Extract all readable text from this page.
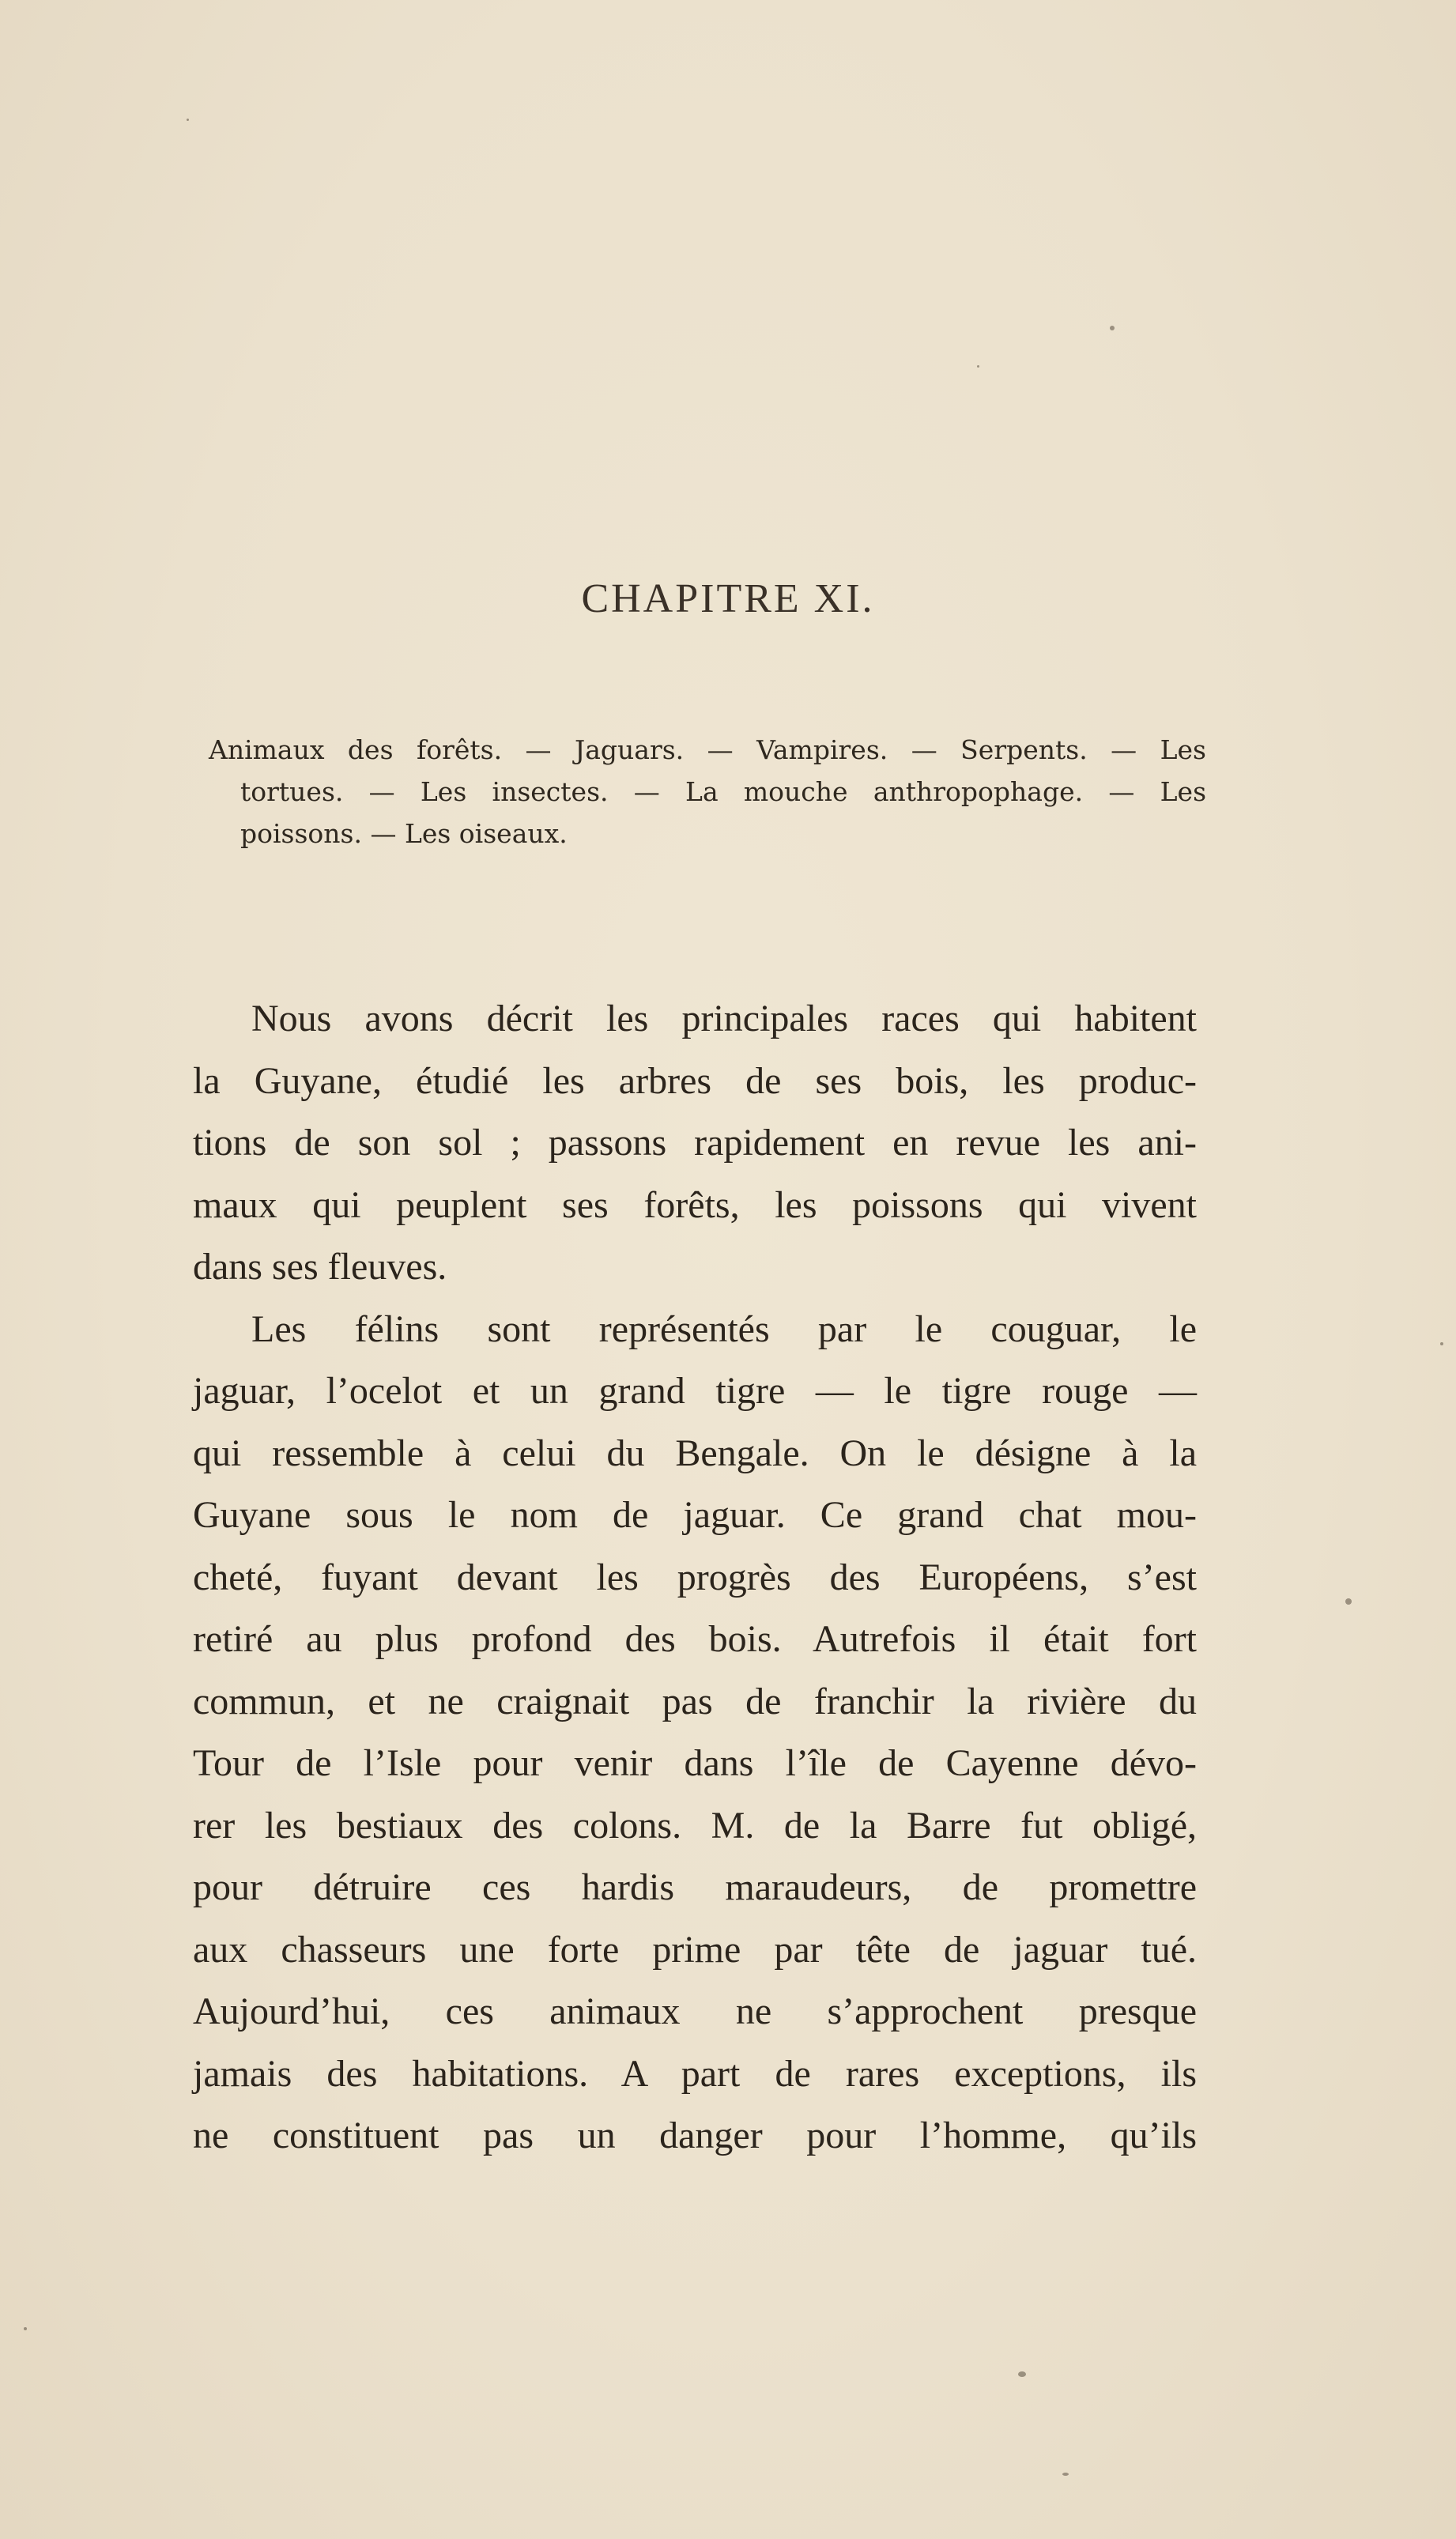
CHAPITRE XI.
Animaux des forêts. — Jaguars. — Vampires. — Serpents. — Les
tortues. — Les insectes. — La mouche anthropophage. — Les
poissons. — Les oiseaux.
Nous avons décrit les principales races qui habitent
la Guyane, étudié les arbres de ses bois, les produc-
tions de son sol ; passons rapidement en revue les ani-
maux qui peuplent ses forêts, les poissons qui vivent
dans ses fleuves.
Les félins sont représentés par le couguar, le
jaguar, l’ocelot et un grand tigre — le tigre rouge —
qui ressemble à celui du Bengale. On le désigne à la
Guyane sous le nom de jaguar. Ce grand chat mou-
cheté, fuyant devant les progrès des Européens, s’est
retiré au plus profond des bois. Autrefois il était fort
commun, et ne craignait pas de franchir la rivière du
Tour de l’Isle pour venir dans l’île de Cayenne dévo-
rer les bestiaux des colons. M. de la Barre fut obligé,
pour détruire ces hardis maraudeurs, de promettre
aux chasseurs une forte prime par tête de jaguar tué.
Aujourd’hui, ces animaux ne s’approchent presque
jamais des habitations. A part de rares exceptions, ils
ne constituent pas un danger pour l’homme, qu’ils
